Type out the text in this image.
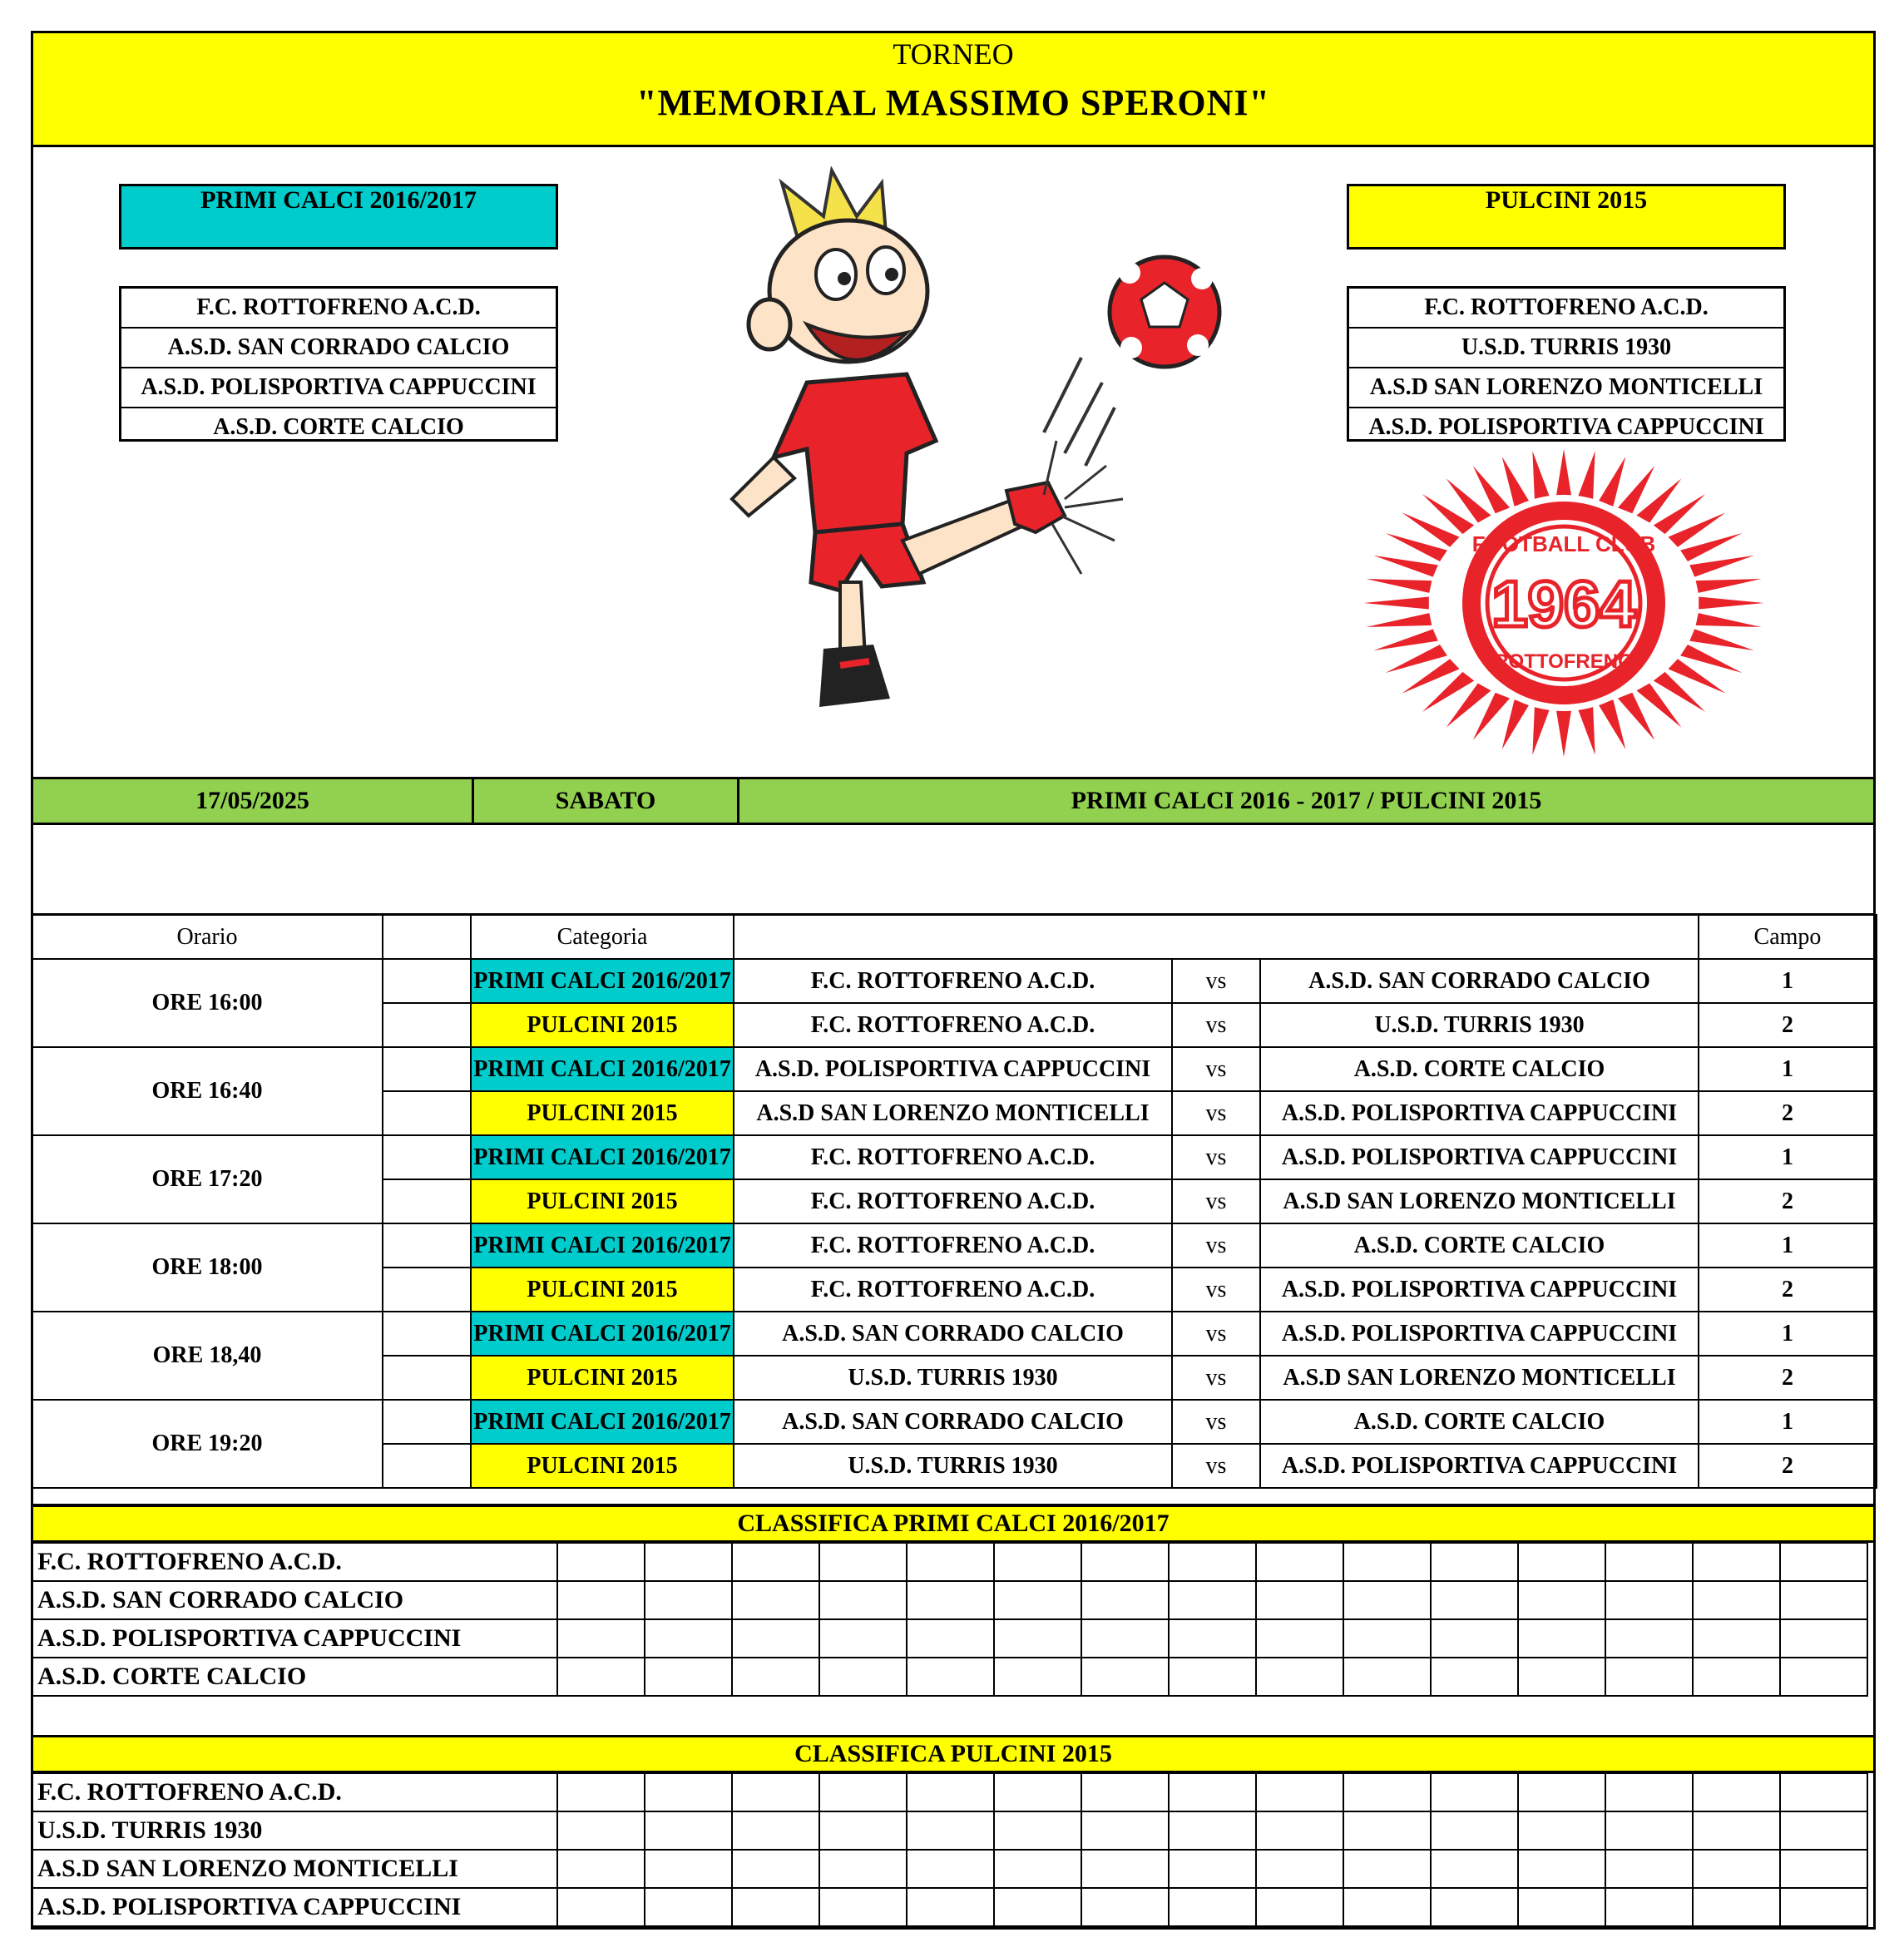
TORNEO
"MEMORIAL MASSIMO SPERONI"
PRIMI CALCI 2016/2017
F.C. ROTTOFRENO A.C.D.
A.S.D. SAN CORRADO CALCIO
A.S.D. POLISPORTIVA CAPPUCCINI
A.S.D. CORTE CALCIO
PULCINI 2015
F.C. ROTTOFRENO A.C.D.
U.S.D. TURRIS 1930
A.S.D SAN LORENZO MONTICELLI
A.S.D. POLISPORTIVA CAPPUCCINI
FOOTBALL CLUB
1964
ROTTOFRENO
17/05/2025	SABATO	PRIMI CALCI 2016 - 2017 / PULCINI 2015
Orario		Categoria				Campo
ORE 16:00		PRIMI CALCI 2016/2017	F.C. ROTTOFRENO A.C.D.	vs	A.S.D. SAN CORRADO CALCIO	1
		PULCINI 2015	F.C. ROTTOFRENO A.C.D.	vs	U.S.D. TURRIS 1930	2
ORE 16:40		PRIMI CALCI 2016/2017	A.S.D. POLISPORTIVA CAPPUCCINI	vs	A.S.D. CORTE CALCIO	1
		PULCINI 2015	A.S.D SAN LORENZO MONTICELLI	vs	A.S.D. POLISPORTIVA CAPPUCCINI	2
ORE 17:20		PRIMI CALCI 2016/2017	F.C. ROTTOFRENO A.C.D.	vs	A.S.D. POLISPORTIVA CAPPUCCINI	1
		PULCINI 2015	F.C. ROTTOFRENO A.C.D.	vs	A.S.D SAN LORENZO MONTICELLI	2
ORE 18:00		PRIMI CALCI 2016/2017	F.C. ROTTOFRENO A.C.D.	vs	A.S.D. CORTE CALCIO	1
		PULCINI 2015	F.C. ROTTOFRENO A.C.D.	vs	A.S.D. POLISPORTIVA CAPPUCCINI	2
ORE 18,40		PRIMI CALCI 2016/2017	A.S.D. SAN CORRADO CALCIO	vs	A.S.D. POLISPORTIVA CAPPUCCINI	1
		PULCINI 2015	U.S.D. TURRIS 1930	vs	A.S.D SAN LORENZO MONTICELLI	2
ORE 19:20		PRIMI CALCI 2016/2017	A.S.D. SAN CORRADO CALCIO	vs	A.S.D. CORTE CALCIO	1
		PULCINI 2015	U.S.D. TURRIS 1930	vs	A.S.D. POLISPORTIVA CAPPUCCINI	2
CLASSIFICA PRIMI CALCI 2016/2017
F.C. ROTTOFRENO A.C.D.															
A.S.D. SAN CORRADO CALCIO															
A.S.D. POLISPORTIVA CAPPUCCINI															
A.S.D. CORTE CALCIO															
CLASSIFICA PULCINI 2015
F.C. ROTTOFRENO A.C.D.															
U.S.D. TURRIS 1930															
A.S.D SAN LORENZO MONTICELLI															
A.S.D. POLISPORTIVA CAPPUCCINI															
